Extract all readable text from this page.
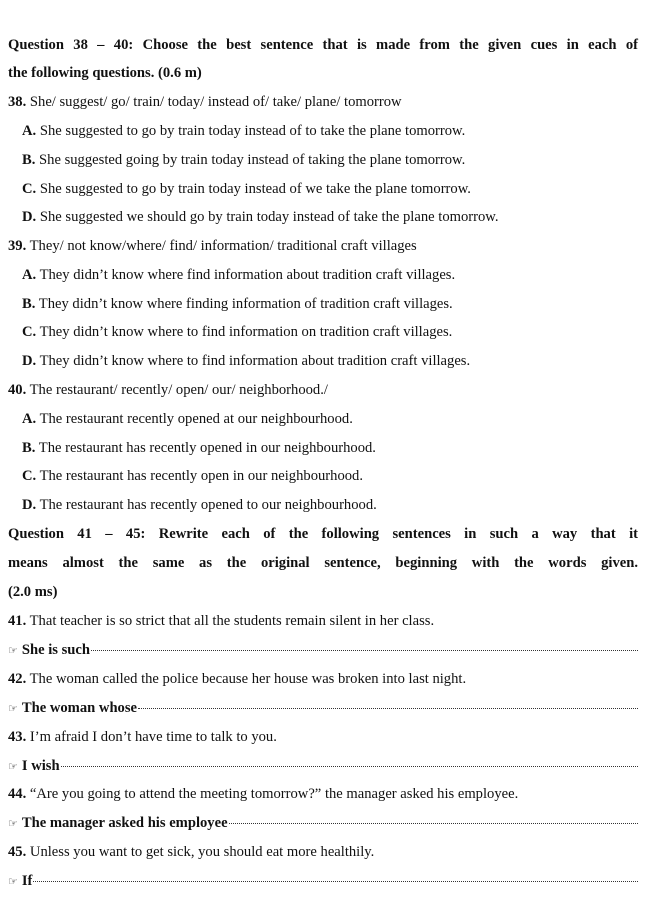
Question 38 – 40: Choose the best sentence that is made from the given cues in each of
the following questions. (0.6 m)
38. She/ suggest/ go/ train/ today/ instead of/ take/ plane/ tomorrow
A. She suggested to go by train today instead of to take the plane tomorrow.
B. She suggested going by train today instead of taking the plane tomorrow.
C. She suggested to go by train today instead of we take the plane tomorrow.
D. She suggested we should go by train today instead of take the plane tomorrow.
39. They/ not know/where/ find/ information/ traditional craft villages
A. They didn’t know where find information about tradition craft villages.
B. They didn’t know where finding information of tradition craft villages.
C. They didn’t know where to find information on tradition craft villages.
D. They didn’t know where to find information about tradition craft villages.
40. The restaurant/ recently/ open/ our/ neighborhood./
A. The restaurant recently opened at our neighbourhood.
B. The restaurant has recently opened in our neighbourhood.
C. The restaurant has recently open in our neighbourhood.
D. The restaurant has recently opened to our neighbourhood.
Question 41 – 45: Rewrite each of the following sentences in such a way that it
means almost the same as the original sentence, beginning with the words given.
(2.0 ms)
41. That teacher is so strict that all the students remain silent in her class.
☞ She is such
42. The woman called the police because her house was broken into last night.
☞ The woman whose
43. I’m afraid I don’t have time to talk to you.
☞ I wish
44. “Are you going to attend the meeting tomorrow?” the manager asked his employee.
☞ The manager asked his employee
45. Unless you want to get sick, you should eat more healthily.
☞ If
